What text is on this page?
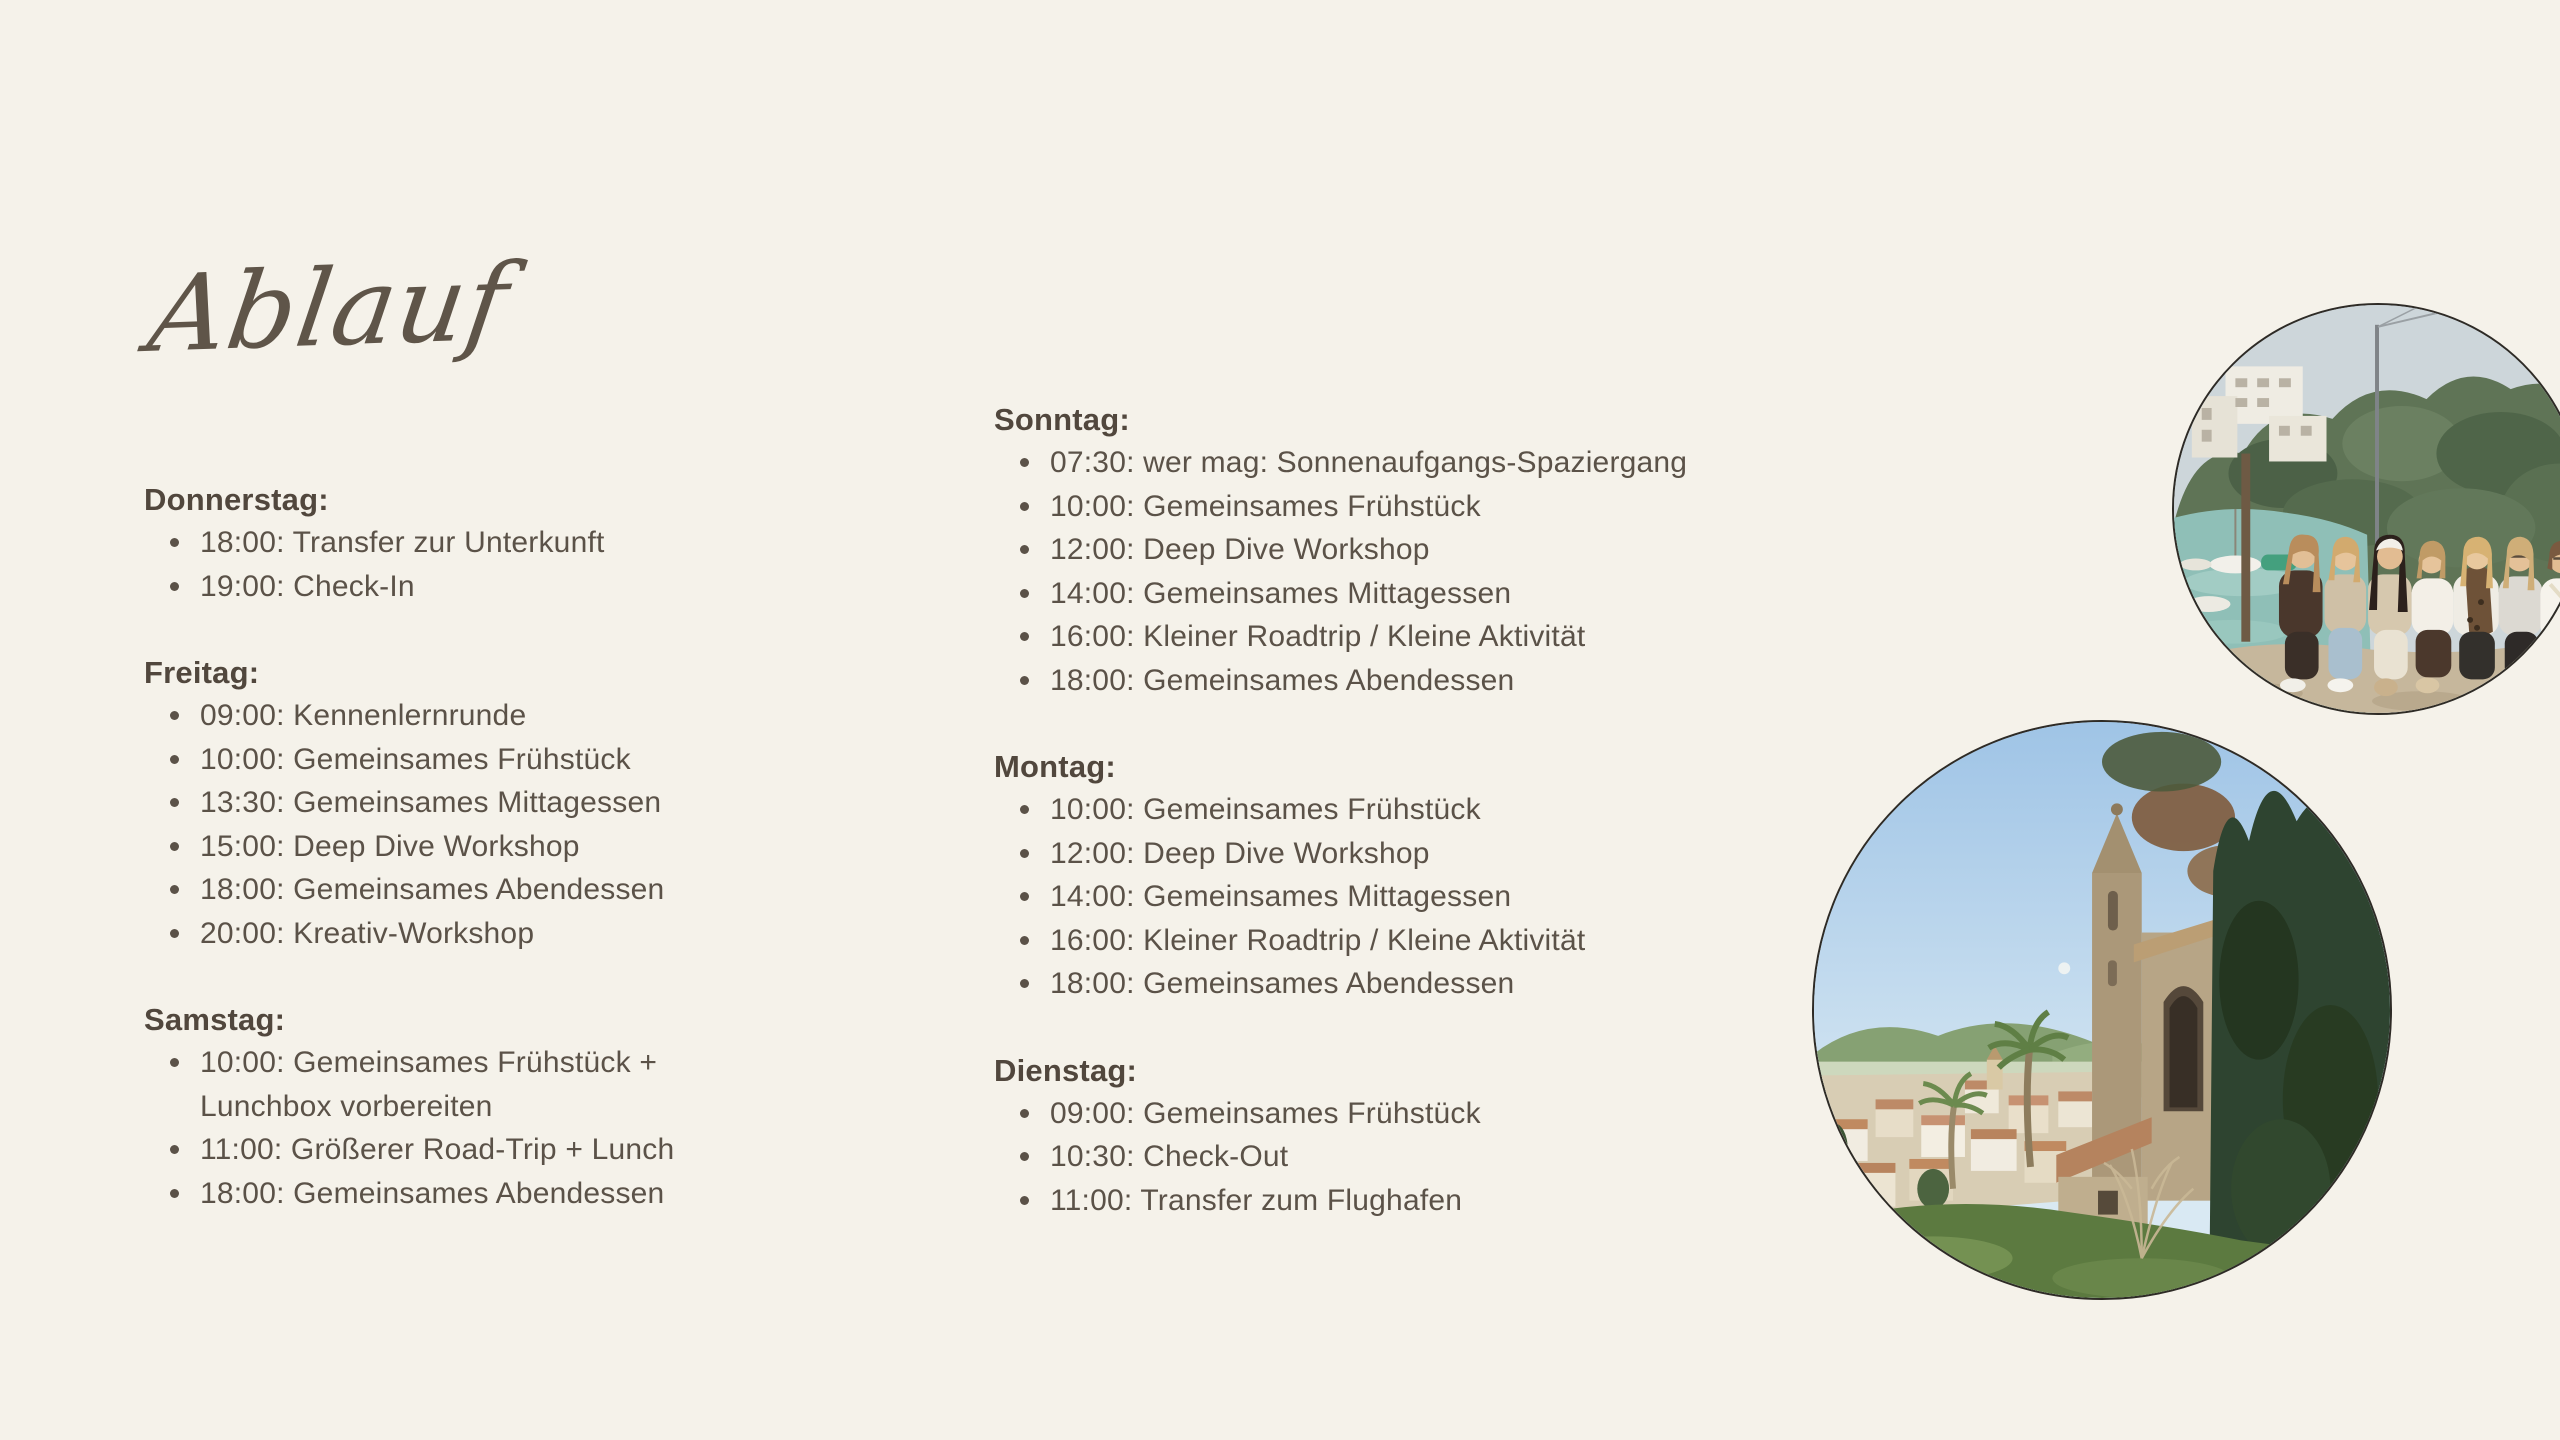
Ablauf
Donnerstag:
18:00: Transfer zur Unterkunft
19:00: Check-In
Freitag:
09:00: Kennenlernrunde
10:00: Gemeinsames Frühstück
13:30: Gemeinsames Mittagessen
15:00: Deep Dive Workshop
18:00: Gemeinsames Abendessen
20:00: Kreativ-Workshop
Samstag:
10:00: Gemeinsames Frühstück + Lunchbox vorbereiten
11:00: Größerer Road-Trip + Lunch
18:00: Gemeinsames Abendessen
Sonntag:
07:30: wer mag: Sonnenaufgangs-Spaziergang
10:00: Gemeinsames Frühstück
12:00: Deep Dive Workshop
14:00: Gemeinsames Mittagessen
16:00: Kleiner Roadtrip / Kleine Aktivität
18:00: Gemeinsames Abendessen
Montag:
10:00: Gemeinsames Frühstück
12:00: Deep Dive Workshop
14:00: Gemeinsames Mittagessen
16:00: Kleiner Roadtrip / Kleine Aktivität
18:00: Gemeinsames Abendessen
Dienstag:
09:00: Gemeinsames Frühstück
10:30: Check-Out
11:00: Transfer zum Flughafen
